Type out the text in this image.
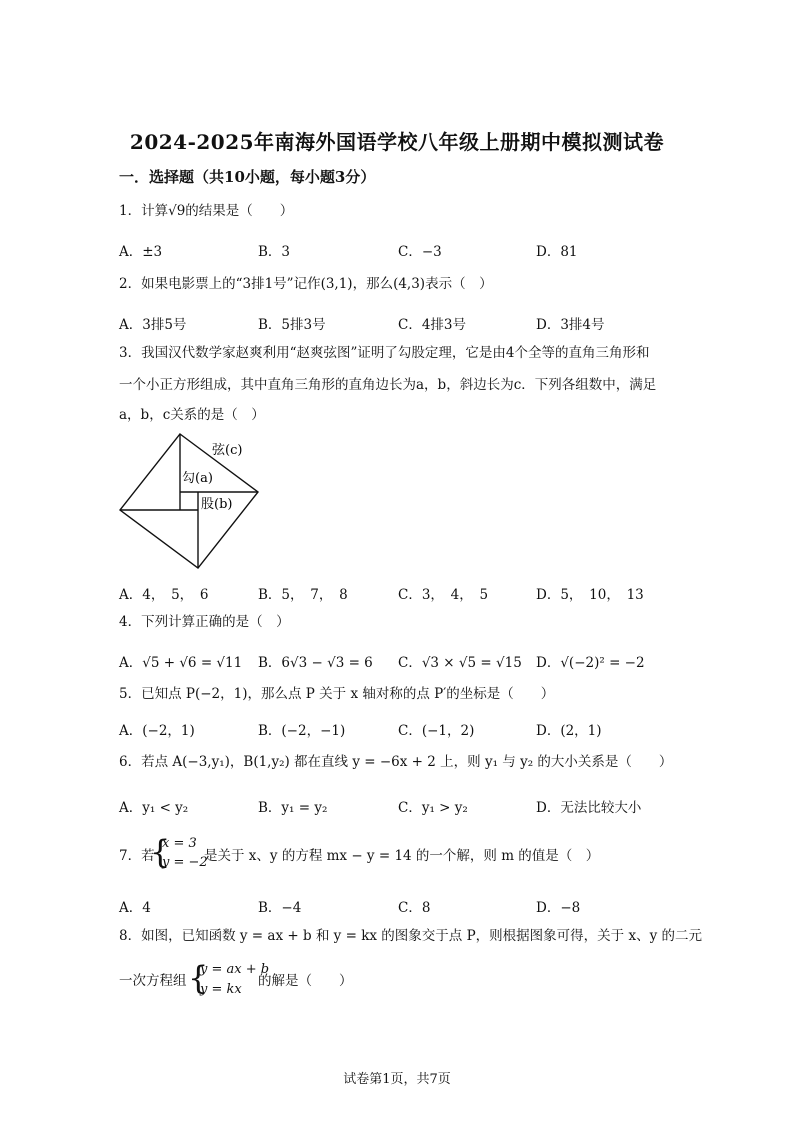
2024-2025年南海外国语学校八年级上册期中模拟测试卷
一．选择题（共10小题，每小题3分）
1．计算√9的结果是（　　）
A．±3	B．3	C．−3	D．81
2．如果电影票上的“3排1号”记作(3,1)，那么(4,3)表示（　）
A．3排5号	B．5排3号	C．4排3号	D．3排4号
3．我国汉代数学家赵爽利用“赵爽弦图”证明了勾股定理，它是由4个全等的直角三角形和
一个小正方形组成，其中直角三角形的直角边长为a，b，斜边长为c．下列各组数中，满足
a，b，c关系的是（　）
弦(c)
勾(a)
股(b)
A．4，　5，　6	B．5，　7，　8	C．3，　4，　5	D．5，　10，　13
4．下列计算正确的是（　）
A．√5 + √6 = √11 B．6√3 − √3 = 6 C．√3 × √5 = √15 D．√(−2)² = −2
5．已知点 P(−2，1)，那么点 P 关于 x 轴对称的点 P′的坐标是（　　）
A．(−2，1)	B．(−2，−1)	C．(−1，2)	D．(2，1)
6．若点 A(−3,y₁)，B(1,y₂) 都在直线 y = −6x + 2 上，则 y₁ 与 y₂ 的大小关系是（　　）
A．y₁ < y₂	B．y₁ = y₂	C．y₁ > y₂	D．无法比较大小
7．若
{
x = 3
y = −2
是关于 x、y 的方程 mx − y = 14 的一个解，则 m 的值是（　）
A．4	B．−4	C．8	D．−8
8．如图，已知函数 y = ax + b 和 y = kx 的图象交于点 P，则根据图象可得，关于 x、y 的二元
一次方程组 {
y = ax + b
y = kx
的解是（　　）
试卷第1页，共7页
